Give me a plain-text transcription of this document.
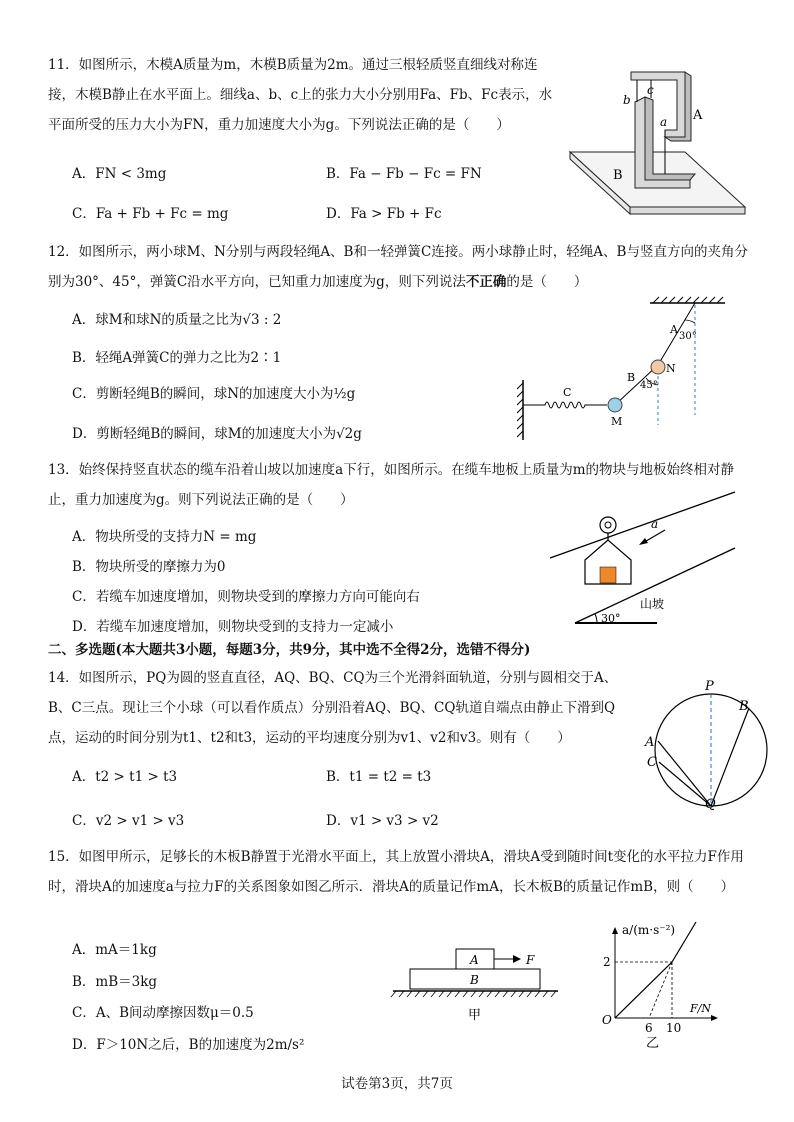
11．如图所示，木模A质量为m，木模B质量为2m。通过三根轻质竖直细线对称连接，木模B静止在水平面上。细线a、b、c上的张力大小分别用Fa、Fb、Fc表示，水平面所受的压力大小为FN，重力加速度大小为g。下列说法正确的是（　　）
A．FN < 3mg	B．Fa − Fb − Fc = FN
C．Fa + Fb + Fc = mg	D．Fa > Fb + Fc
c
b
a A
B
12．如图所示，两小球M、N分别与两段轻绳A、B和一轻弹簧C连接。两小球静止时，轻绳A、B与竖直方向的夹角分别为30°、45°，弹簧C沿水平方向，已知重力加速度为g，则下列说法不正确的是（　　）
A．球M和球N的质量之比为√3 : 2
B．轻绳A弹簧C的弹力之比为2∶1
C．剪断轻绳B的瞬间，球N的加速度大小为½g
D．剪断轻绳B的瞬间，球M的加速度大小为√2g
A
30°
B
N
45°
C
M
13．始终保持竖直状态的缆车沿着山坡以加速度a下行，如图所示。在缆车地板上质量为m的物块与地板始终相对静止，重力加速度为g。则下列说法正确的是（　　）
A．物块所受的支持力N = mg
B．物块所受的摩擦力为0
C．若缆车加速度增加，则物块受到的摩擦力方向可能向右
D．若缆车加速度增加，则物块受到的支持力一定减小
a
山坡
30°
二、多选题(本大题共3小题，每题3分，共9分，其中选不全得2分，选错不得分)
14．如图所示，PQ为圆的竖直直径，AQ、BQ、CQ为三个光滑斜面轨道，分别与圆相交于A、B、C三点。现让三个小球（可以看作质点）分别沿着AQ、BQ、CQ轨道自端点由静止下滑到Q点，运动的时间分别为t1、t2和t3，运动的平均速度分别为v1、v2和v3。则有（　　）
A．t2 > t1 > t3	B．t1 = t2 = t3
C．v2 > v1 > v3	D．v1 > v3 > v2
P
B
A
C
Q
15．如图甲所示，足够长的木板B静置于光滑水平面上，其上放置小滑块A，滑块A受到随时间t变化的水平拉力F作用时，滑块A的加速度a与拉力F的关系图象如图乙所示．滑块A的质量记作mA，长木板B的质量记作mB，则（　　）
A．mA＝1kg
B．mB＝3kg
C．A、B间动摩擦因数μ＝0.5
D．F＞10N之后，B的加速度为2m/s²
A	F
B
甲
a/(m·s⁻²)
2
F/N
O
6 10
乙
试卷第3页，共7页
